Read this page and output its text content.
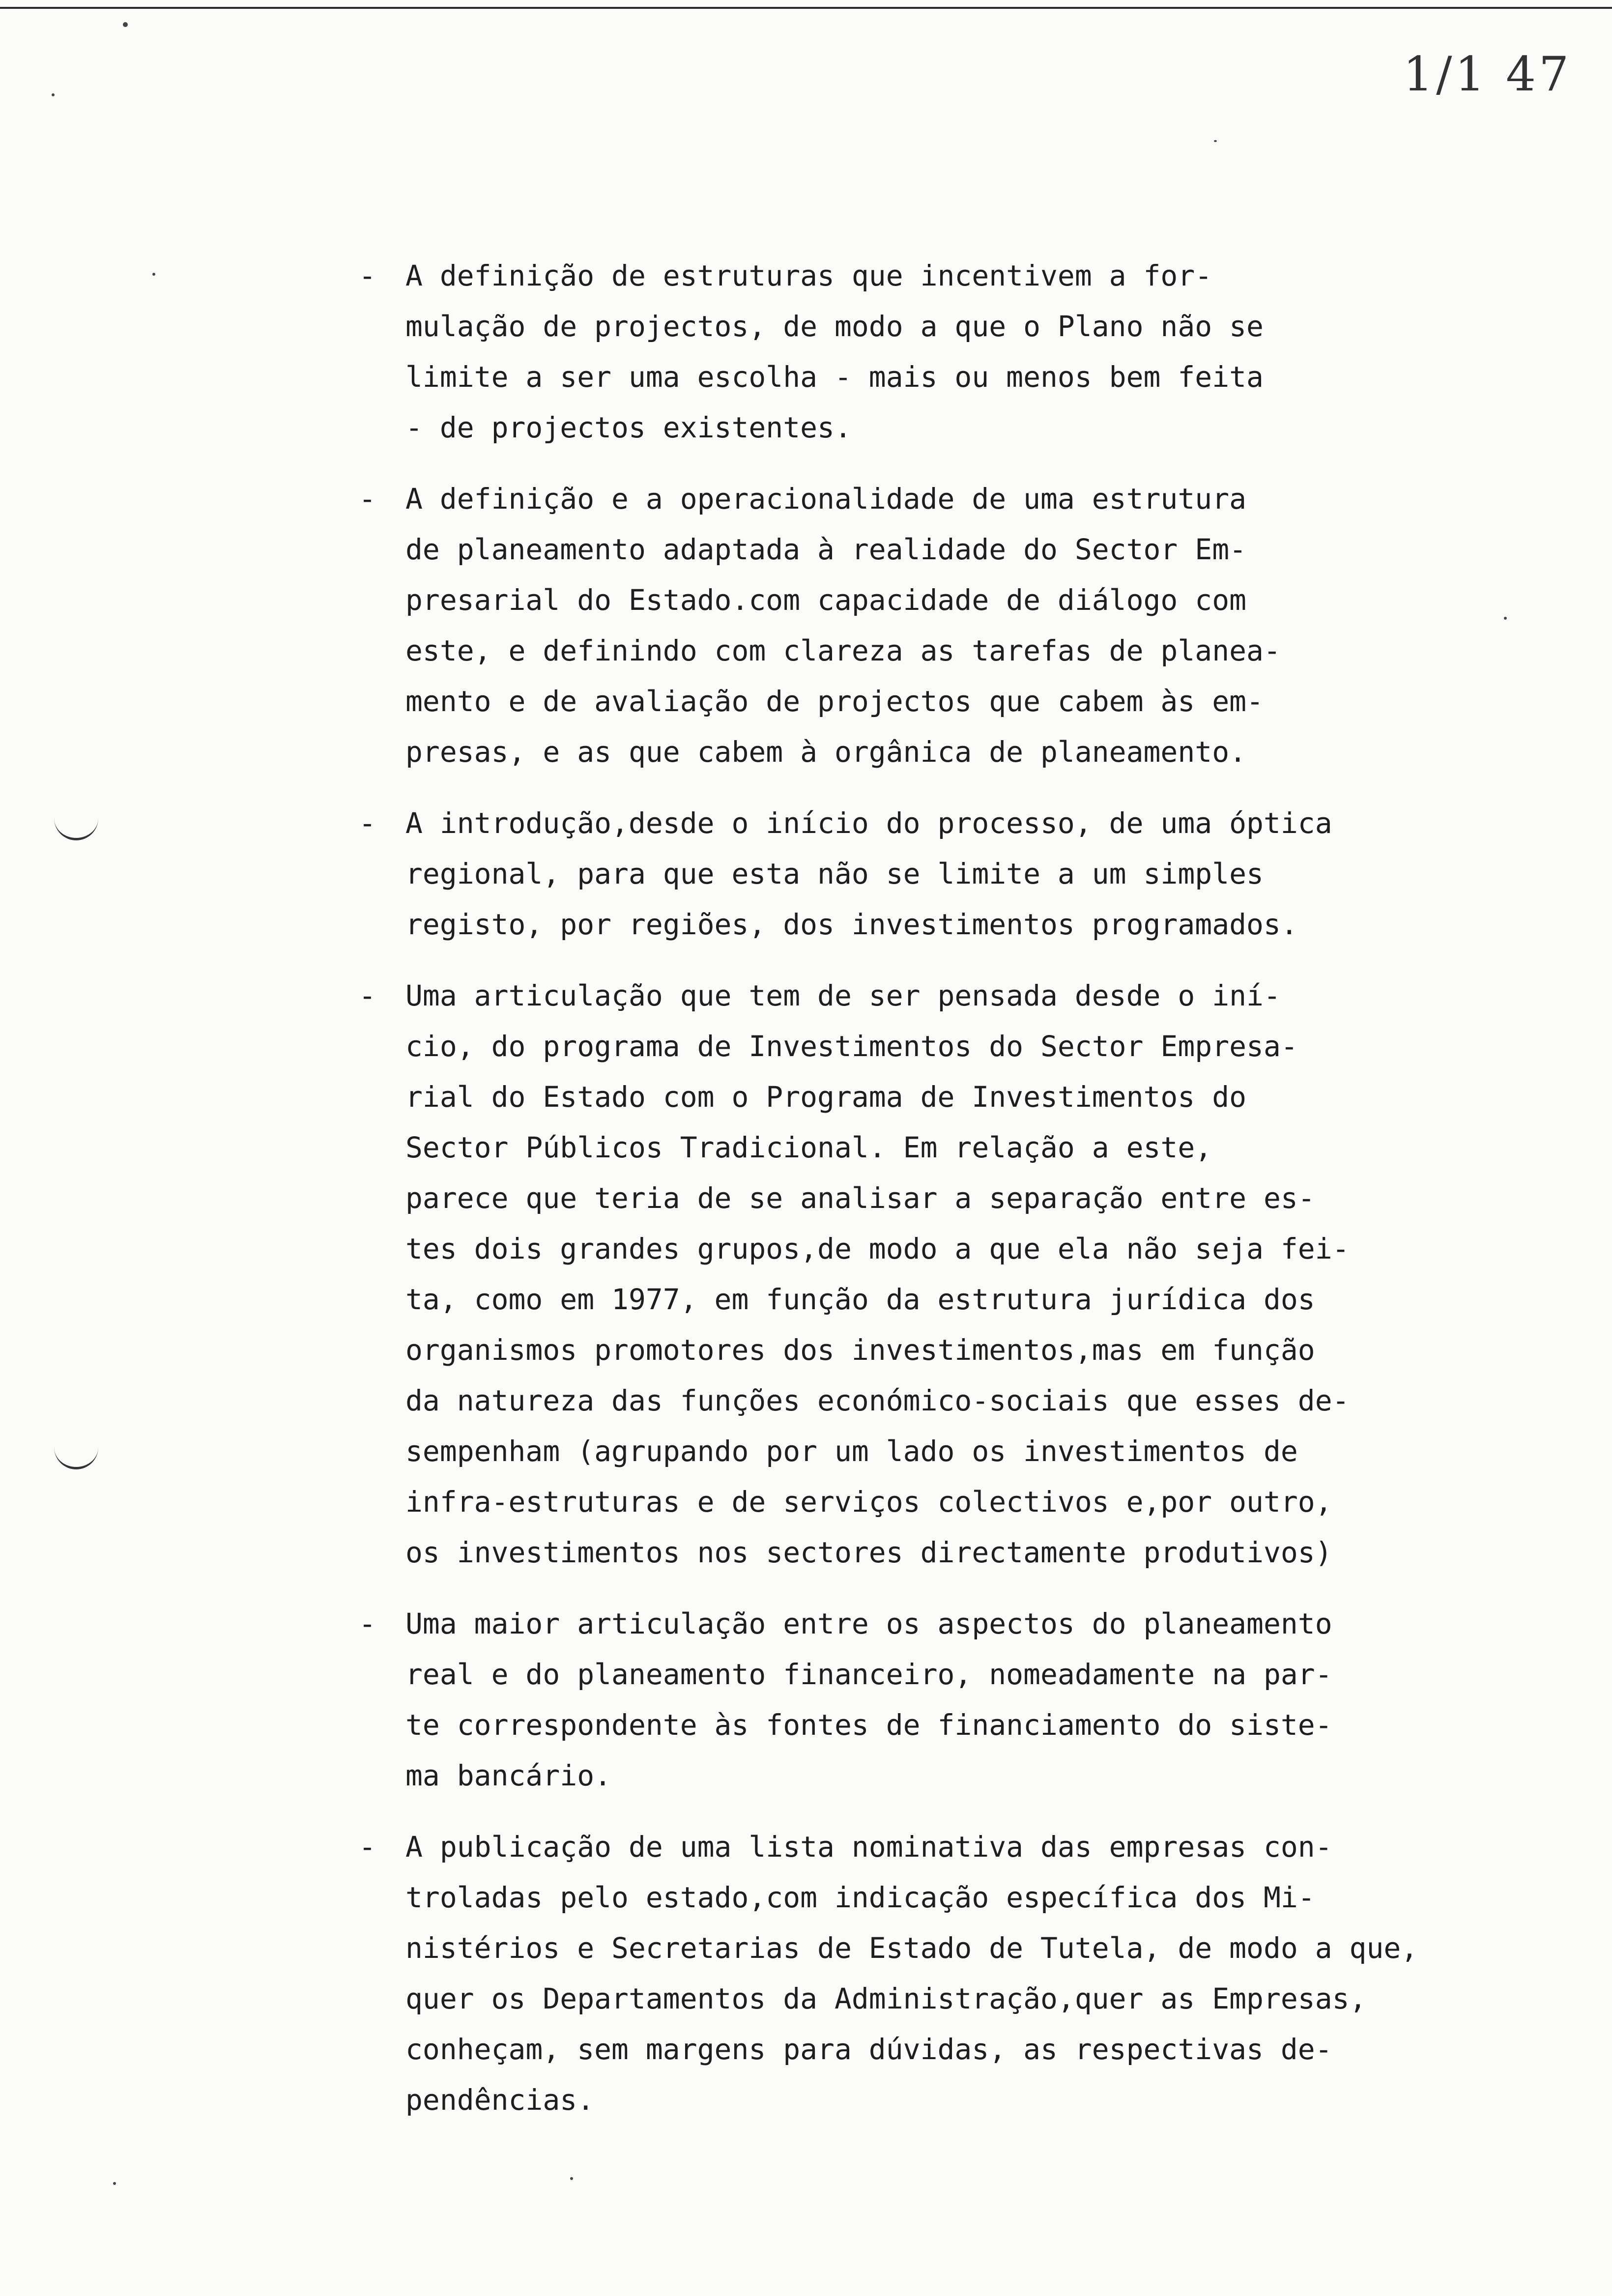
1/1 47
- A definição de estruturas que incentivem a for-
mulação de projectos, de modo a que o Plano não se
limite a ser uma escolha - mais ou menos bem feita
- de projectos existentes.
- A definição e a operacionalidade de uma estrutura
de planeamento adaptada à realidade do Sector Em-
presarial do Estado.com capacidade de diálogo com
este, e definindo com clareza as tarefas de planea-
mento e de avaliação de projectos que cabem às em-
presas, e as que cabem à orgânica de planeamento.
- A introdução,desde o início do processo, de uma óptica
regional, para que esta não se limite a um simples
registo, por regiões, dos investimentos programados.
- Uma articulação que tem de ser pensada desde o iní-
cio, do programa de Investimentos do Sector Empresa-
rial do Estado com o Programa de Investimentos do
Sector Públicos Tradicional. Em relação a este,
parece que teria de se analisar a separação entre es-
tes dois grandes grupos,de modo a que ela não seja fei-
ta, como em 1977, em função da estrutura jurídica dos
organismos promotores dos investimentos,mas em função
da natureza das funções económico-sociais que esses de-
sempenham (agrupando por um lado os investimentos de
infra-estruturas e de serviços colectivos e,por outro,
os investimentos nos sectores directamente produtivos)
- Uma maior articulação entre os aspectos do planeamento
real e do planeamento financeiro, nomeadamente na par-
te correspondente às fontes de financiamento do siste-
ma bancário.
- A publicação de uma lista nominativa das empresas con-
troladas pelo estado,com indicação específica dos Mi-
nistérios e Secretarias de Estado de Tutela, de modo a que,
quer os Departamentos da Administração,quer as Empresas,
conheçam, sem margens para dúvidas, as respectivas de-
pendências.
